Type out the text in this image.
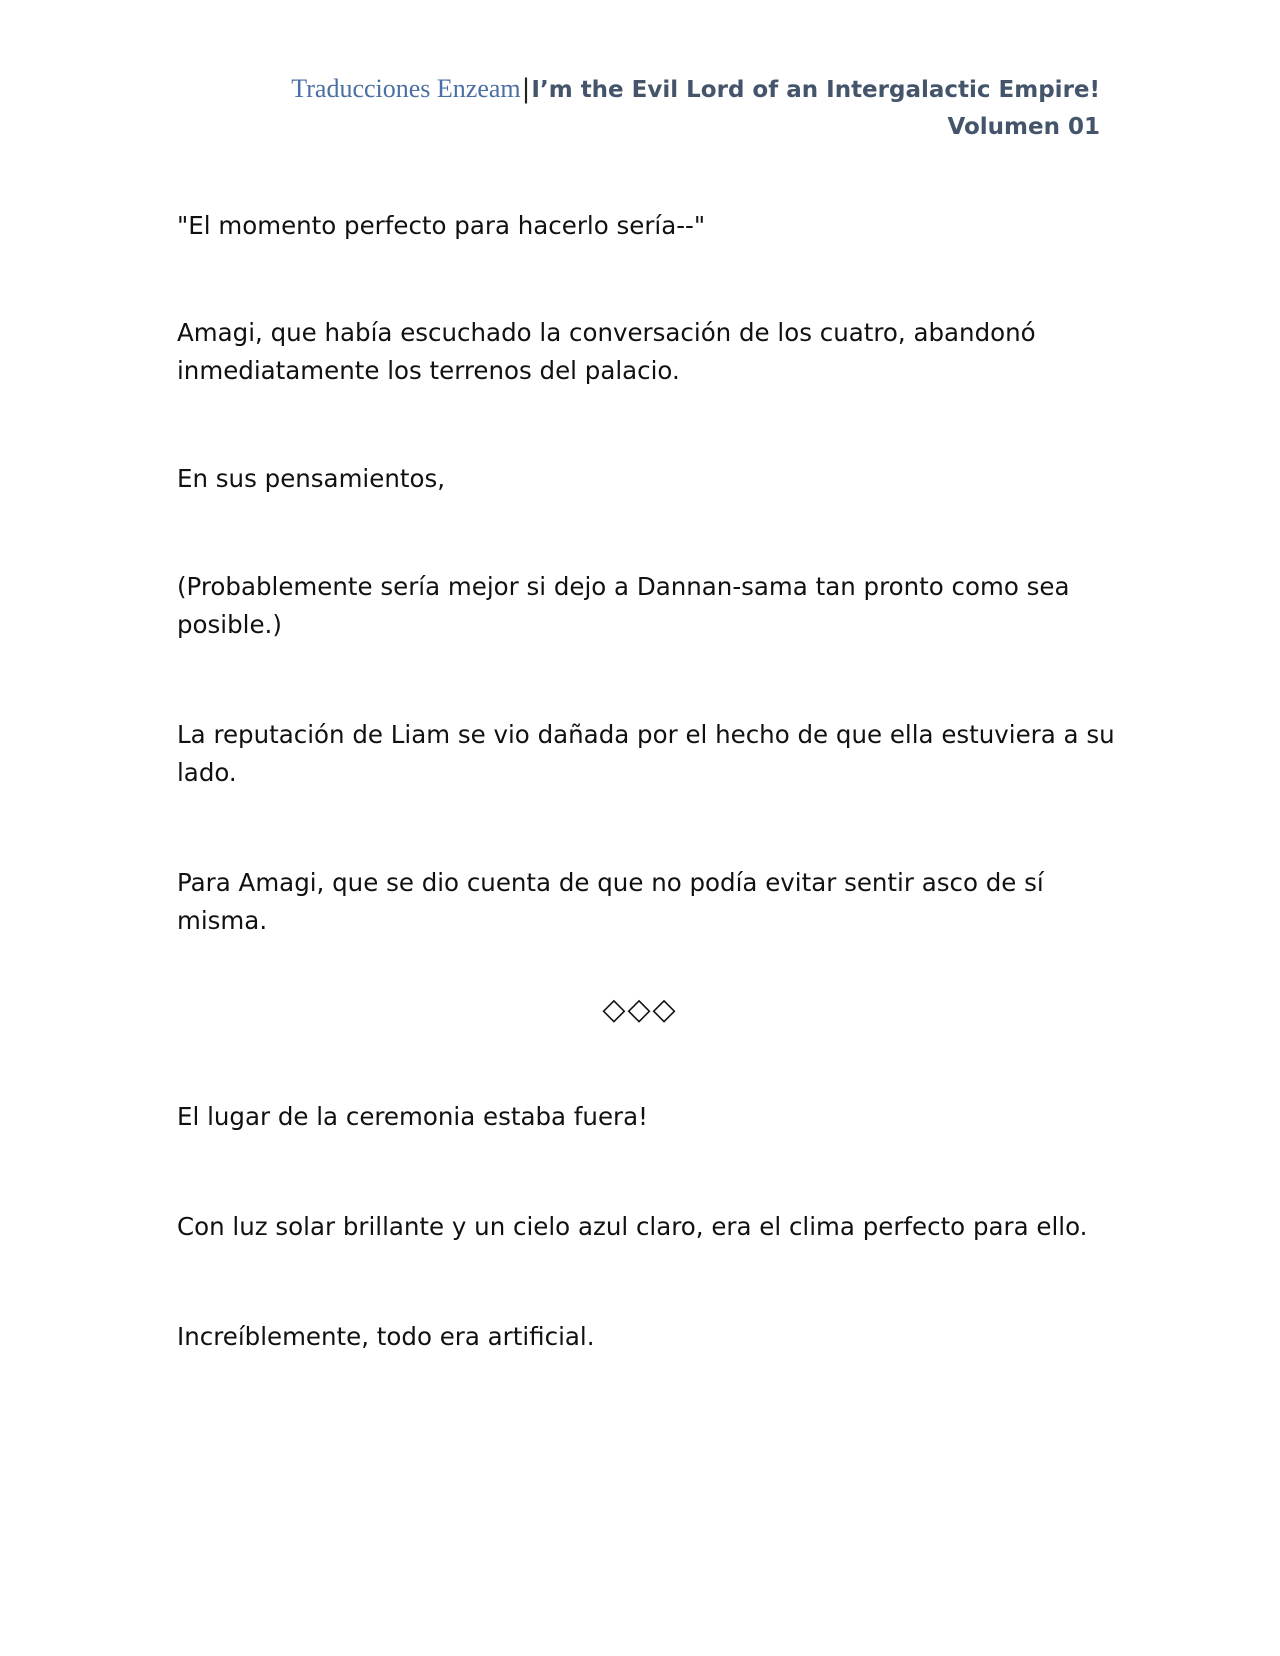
Traducciones Enzeam|I’m the Evil Lord of an Intergalactic Empire!
Volumen 01

"El momento perfecto para hacerlo sería--"

Amagi, que había escuchado la conversación de los cuatro, abandonó inmediatamente los terrenos del palacio.

En sus pensamientos,

(Probablemente sería mejor si dejo a Dannan-sama tan pronto como sea posible.)

La reputación de Liam se vio dañada por el hecho de que ella estuviera a su lado.

Para Amagi, que se dio cuenta de que no podía evitar sentir asco de sí misma.

◇◇◇

El lugar de la ceremonia estaba fuera!

Con luz solar brillante y un cielo azul claro, era el clima perfecto para ello.

Increíblemente, todo era artificial.
